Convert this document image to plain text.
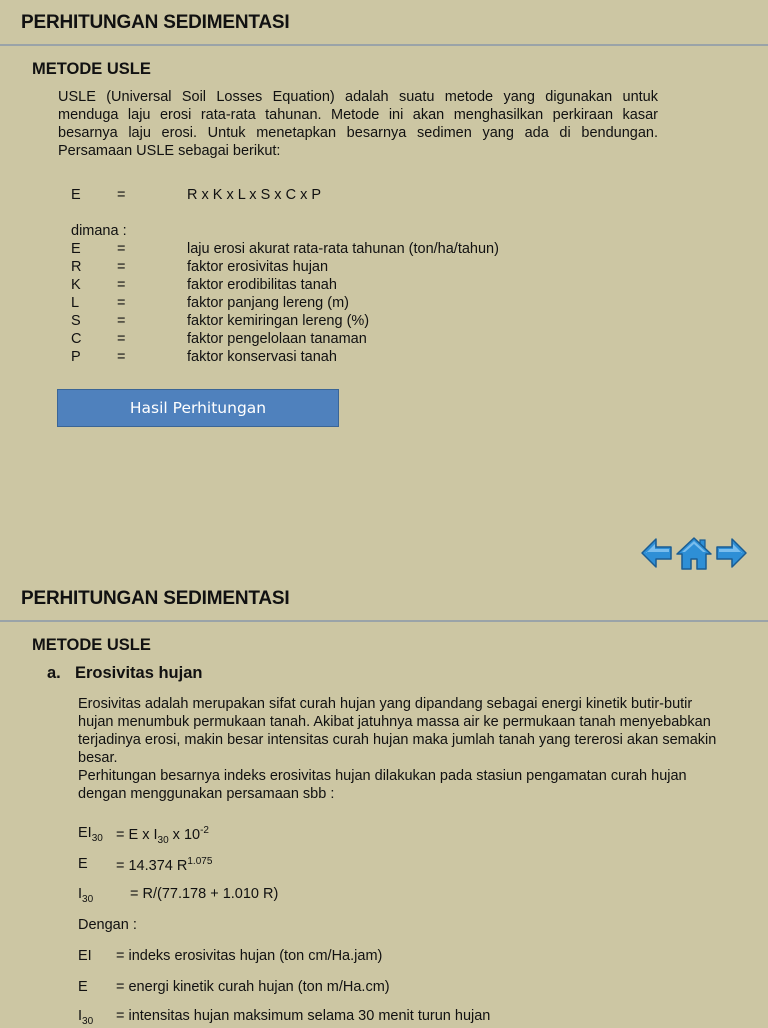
PERHITUNGAN SEDIMENTASI
METODE USLE
USLE (Universal Soil Losses Equation) adalah suatu metode yang digunakan untuk menduga laju erosi rata-rata tahunan. Metode ini akan menghasilkan perkiraan kasar besarnya laju erosi. Untuk menetapkan besarnya sedimen yang ada di bendungan. Persamaan USLE sebagai berikut:
E	=	R x K x L x S x C x P
dimana :
E	=	laju erosi akurat rata-rata tahunan (ton/ha/tahun)
R =	faktor erosivitas hujan
K	=	faktor erodibilitas tanah
L	=	faktor panjang lereng (m)
S	=	faktor kemiringan lereng (%)
C =	faktor pengelolaan tanaman
P	=	faktor konservasi tanah
Hasil Perhitungan
PERHITUNGAN SEDIMENTASI
METODE USLE
a. Erosivitas hujan

Erosivitas adalah merupakan sifat curah hujan yang dipandang sebagai energi kinetik butir-butir hujan menumbuk permukaan tanah. Akibat jatuhnya massa air ke permukaan tanah menyebabkan terjadinya erosi, makin besar intensitas curah hujan maka jumlah tanah yang tererosi akan semakin besar.

Perhitungan besarnya indeks erosivitas hujan dilakukan pada stasiun pengamatan curah hujan dengan menggunakan persamaan sbb :

$EI_{30} = E$ x $I_{30}$ x $10^{-2}$
E = 14.374 $R^{1.075}$
$I_{30}$	= R/(77.178 + 1.010 R)
Dengan :
EI = indeks erosivitas hujan (ton cm/Ha.jam)
E = energi kinetik curah hujan (ton m/Ha.cm)
$I_{30}$ = intensitas hujan maksimum selama 30 menit turun hujan
